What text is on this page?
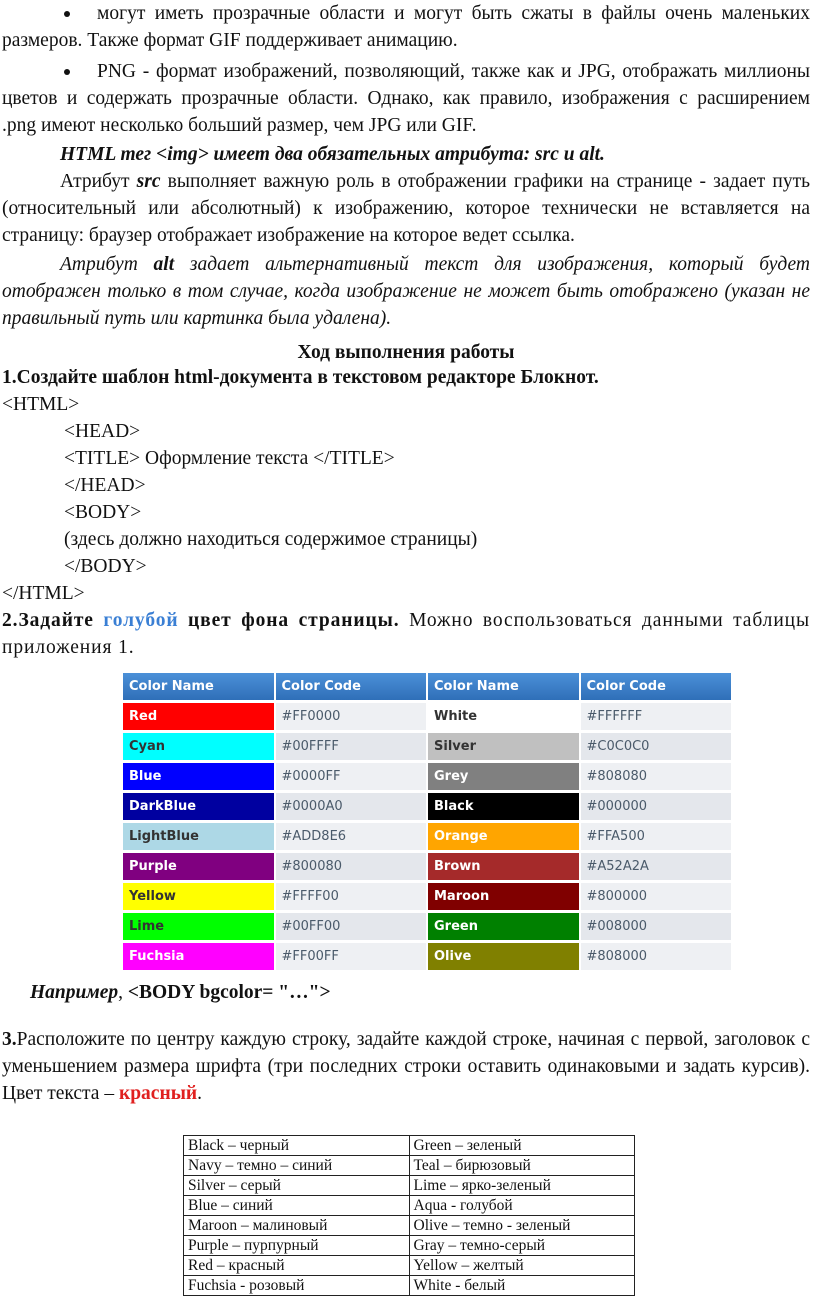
могут иметь прозрачные области и могут быть сжаты в файлы очень маленьких

размеров. Также формат GIF поддерживает анимацию.

PNG - формат изображений, позволяющий, также как и JPG, отображать миллионы

цветов и содержать прозрачные области. Однако, как правило, изображения с расширением

.png имеют несколько больший размер, чем JPG или GIF.

HTML тег <img> имеет два обязательных атрибута: src и alt.

Атрибут src выполняет важную роль в отображении графики на странице - задает путь (относительный или абсолютный) к изображению, которое технически не вставляется на страницу: браузер отображает изображение на которое ведет ссылка.

Атрибут alt задает альтернативный текст для изображения, который будет отображен только в том случае, когда изображение не может быть отображено (указан не правильный путь или картинка была удалена).

Ход выполнения работы

1.Создайте шаблон html-документа в текстовом редакторе Блокнот.

<HTML>

<HEAD>

<TITLE> Оформление текста </TITLE>

</HEAD>

<BODY>

(здесь должно находиться содержимое страницы)

</BODY>

</HTML>

2.Задайте голубой цвет фона страницы. Можно воспользоваться данными таблицы приложения 1.

Color Name	Color Code	Color Name	Color Code
Red	#FF0000	White	#FFFFFF
Cyan	#00FFFF	Silver	#C0C0C0
Blue	#0000FF	Grey	#808080
DarkBlue	#0000A0	Black	#000000
LightBlue	#ADD8E6	Orange	#FFA500
Purple	#800080	Brown	#A52A2A
Yellow	#FFFF00	Maroon	#800000
Lime	#00FF00	Green	#008000
Fuchsia	#FF00FF	Olive	#808000

Например, <BODY bgcolor= "…">

3.Расположите по центру каждую строку, задайте каждой строке, начиная с первой, заголовок с уменьшением размера шрифта (три последних строки оставить одинаковыми и задать курсив). Цвет текста – красный.

Black – черный	Green – зеленый
Navy – темно – синий	Teal – бирюзовый
Silver – серый	Lime – ярко-зеленый
Blue – синий	Aqua - голубой
Maroon – малиновый	Olive – темно - зеленый
Purple – пурпурный	Gray – темно-серый
Red – красный	Yellow – желтый
Fuchsia - розовый	White - белый
